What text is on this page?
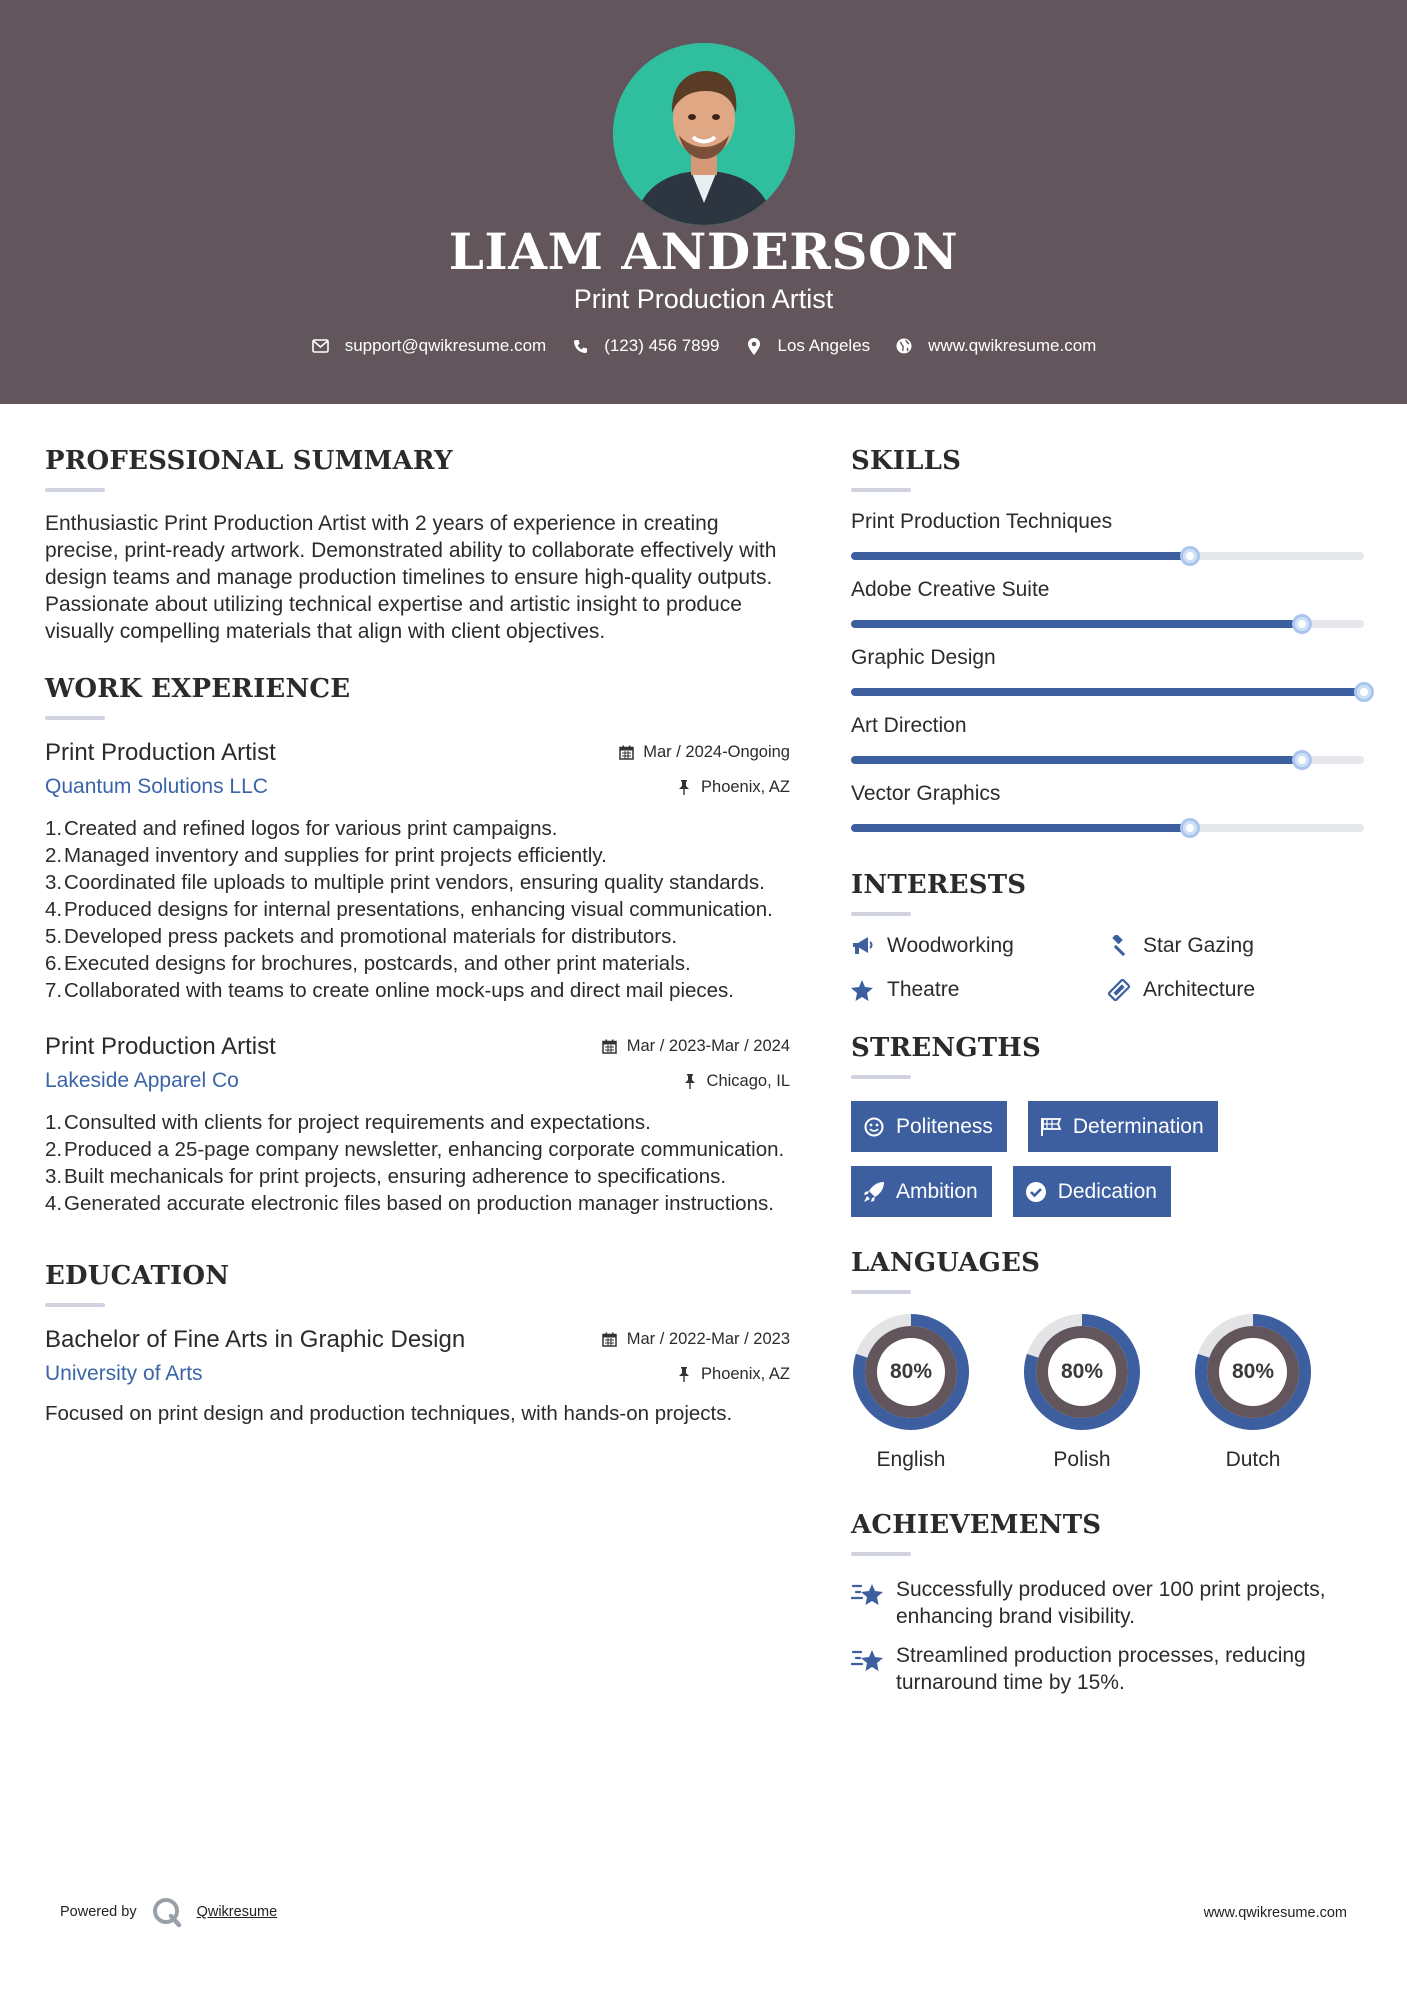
LIAM ANDERSON
Print Production Artist
support@qwikresume.com	(123) 456 7899	Los Angeles	www.qwikresume.com
PROFESSIONAL SUMMARY

Enthusiastic Print Production Artist with 2 years of experience in creating precise, print-ready artwork. Demonstrated ability to collaborate effectively with design teams and manage production timelines to ensure high-quality outputs. Passionate about utilizing technical expertise and artistic insight to produce visually compelling materials that align with client objectives.

WORK EXPERIENCE
Print Production Artist	Mar / 2024-Ongoing
Quantum Solutions LLC	Phoenix, AZ
1. Created and refined logos for various print campaigns.
2. Managed inventory and supplies for print projects efficiently.
3. Coordinated file uploads to multiple print vendors, ensuring quality standards.
4. Produced designs for internal presentations, enhancing visual communication.
5. Developed press packets and promotional materials for distributors.
6. Executed designs for brochures, postcards, and other print materials.
7. Collaborated with teams to create online mock-ups and direct mail pieces.
Print Production Artist	Mar / 2023-Mar / 2024
Lakeside Apparel Co	Chicago, IL
1. Consulted with clients for project requirements and expectations.
2. Produced a 25-page company newsletter, enhancing corporate communication.
3. Built mechanicals for print projects, ensuring adherence to specifications.
4. Generated accurate electronic files based on production manager instructions.
EDUCATION
Bachelor of Fine Arts in Graphic Design	Mar / 2022-Mar / 2023
University of Arts	Phoenix, AZ

Focused on print design and production techniques, with hands-on projects.

SKILLS
Print Production Techniques
Adobe Creative Suite
Graphic Design
Art Direction
Vector Graphics
INTERESTS
Woodworking	Star Gazing
Theatre	Architecture
STRENGTHS
Politeness	Determination
Ambition	Dedication
LANGUAGES
80%
English
80%
Polish
80%
Dutch
ACHIEVEMENTS
Successfully produced over 100 print projects, enhancing brand visibility.
Streamlined production processes, reducing turnaround time by 15%.
Powered by	Qwikresume	www.qwikresume.com
